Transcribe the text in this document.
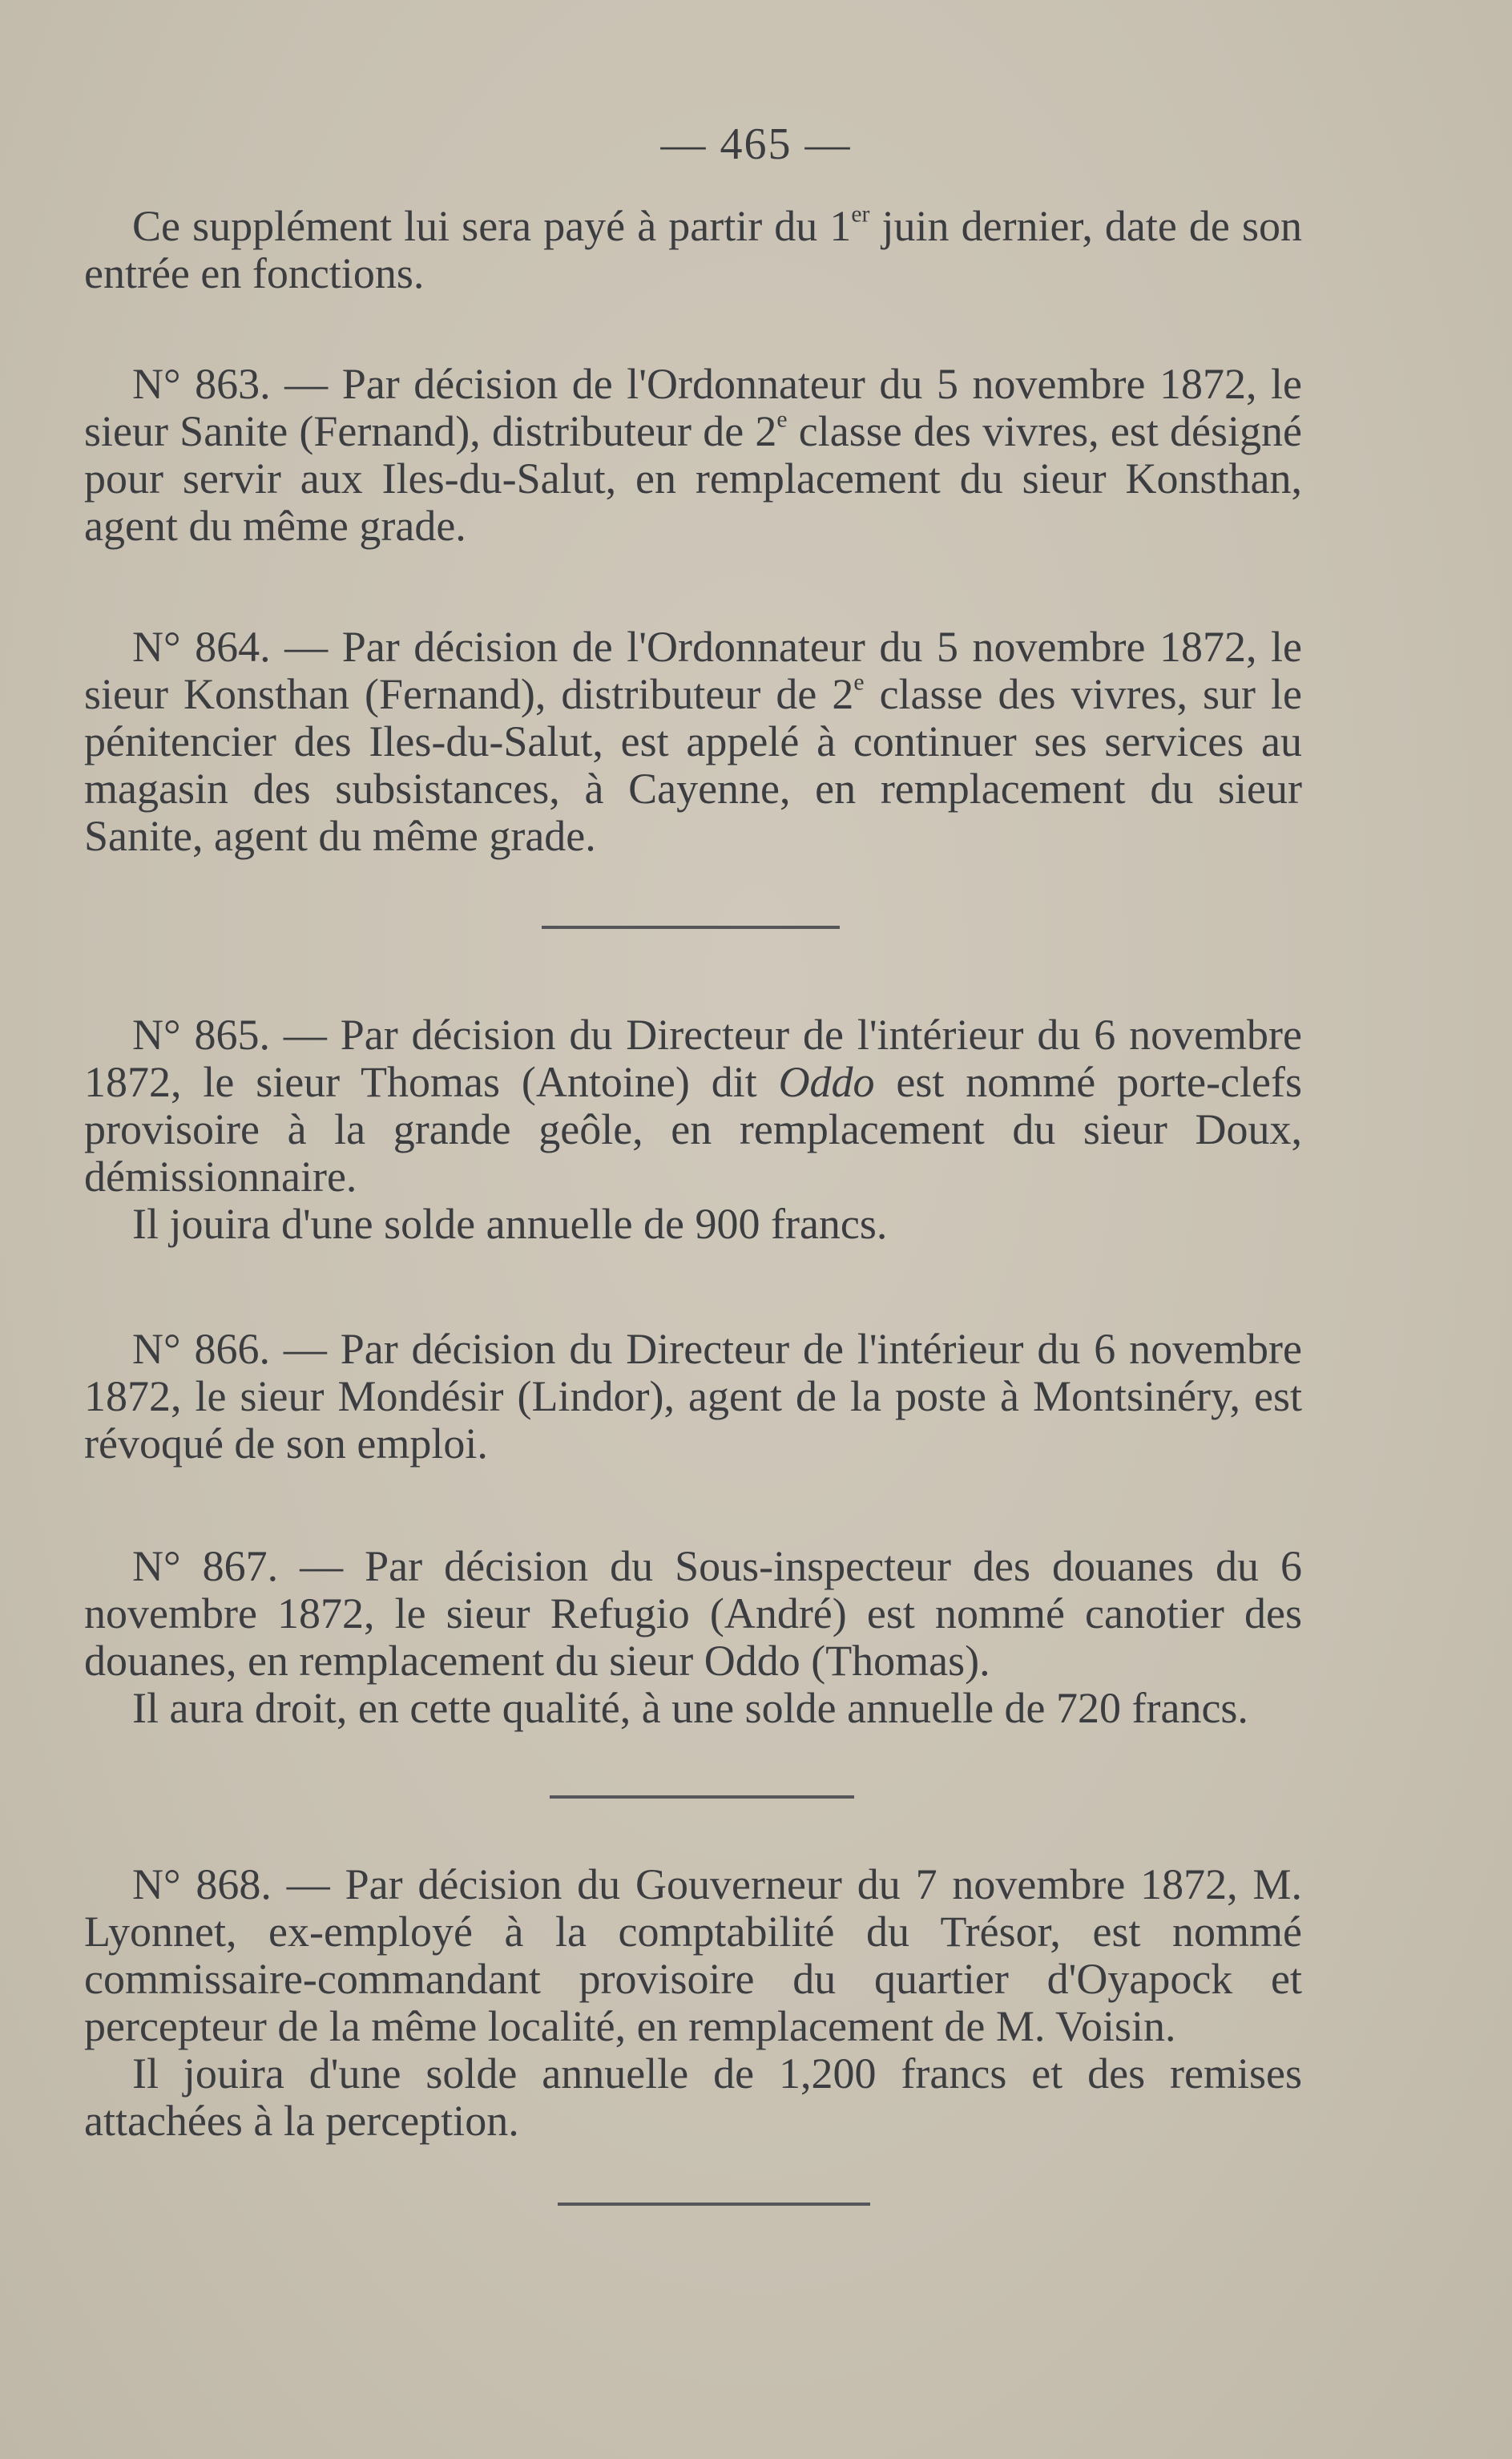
— 465 —

Ce supplément lui sera payé à partir du 1er juin dernier, date de son entrée en fonctions.

N° 863. — Par décision de l'Ordonnateur du 5 novembre 1872, le sieur Sanite (Fernand), distributeur de 2e classe des vivres, est désigné pour servir aux Iles-du-Salut, en remplacement du sieur Konsthan, agent du même grade.

N° 864. — Par décision de l'Ordonnateur du 5 novembre 1872, le sieur Konsthan (Fernand), distributeur de 2e classe des vivres, sur le pénitencier des Iles-du-Salut, est appelé à continuer ses services au magasin des subsistances, à Cayenne, en remplacement du sieur Sanite, agent du même grade.

N° 865. — Par décision du Directeur de l'intérieur du 6 novembre 1872, le sieur Thomas (Antoine) dit Oddo est nommé porte-clefs provisoire à la grande geôle, en remplacement du sieur Doux, démissionnaire.

Il jouira d'une solde annuelle de 900 francs.

N° 866. — Par décision du Directeur de l'intérieur du 6 novembre 1872, le sieur Mondésir (Lindor), agent de la poste à Montsinéry, est révoqué de son emploi.

N° 867. — Par décision du Sous-inspecteur des douanes du 6 novembre 1872, le sieur Refugio (André) est nommé canotier des douanes, en remplacement du sieur Oddo (Thomas).

Il aura droit, en cette qualité, à une solde annuelle de 720 francs.

N° 868. — Par décision du Gouverneur du 7 novembre 1872, M. Lyonnet, ex-employé à la comptabilité du Trésor, est nommé commissaire-commandant provisoire du quartier d'Oyapock et percepteur de la même localité, en remplacement de M. Voisin.

Il jouira d'une solde annuelle de 1,200 francs et des remises attachées à la perception.
